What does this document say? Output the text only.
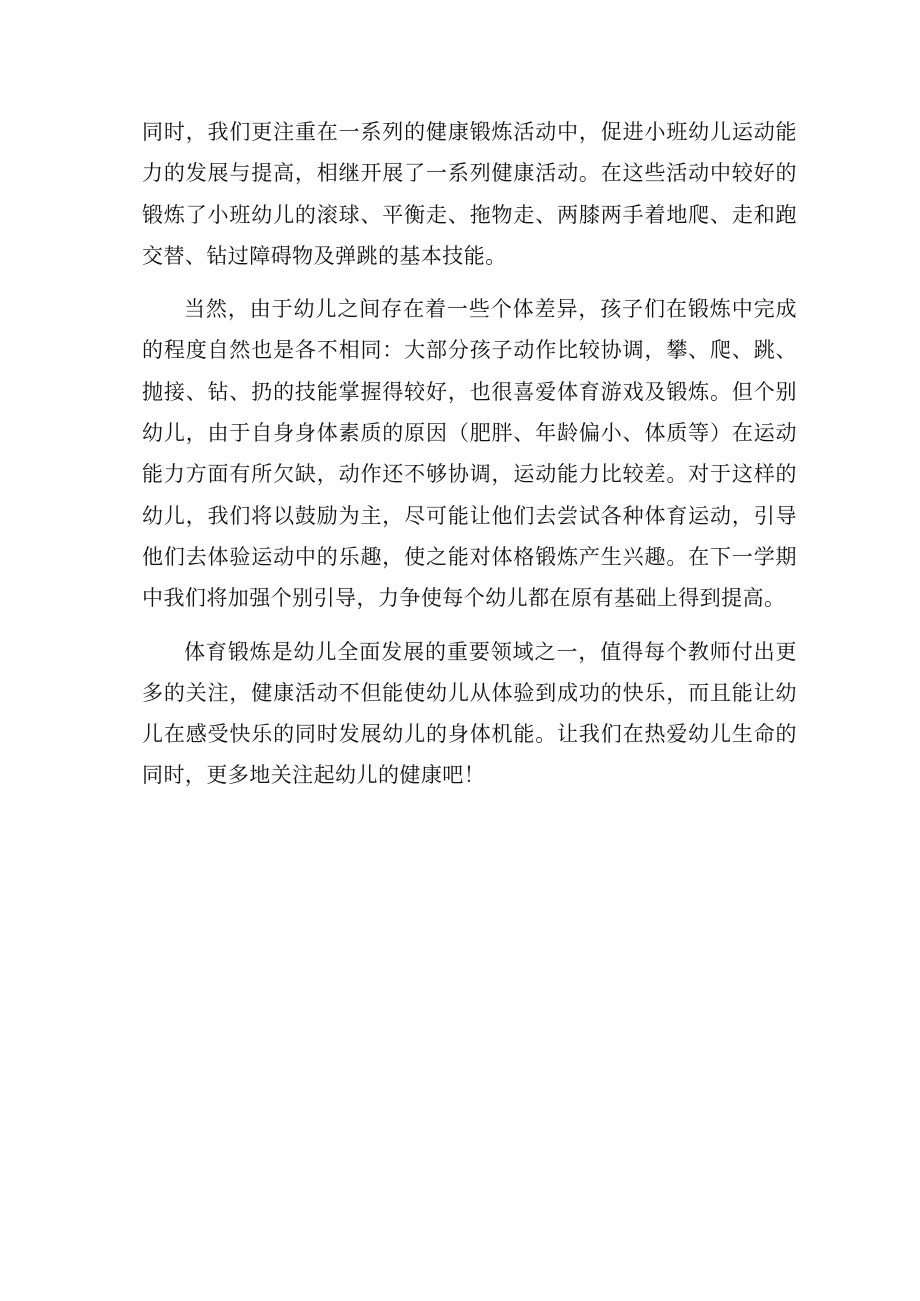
同时，我们更注重在一系列的健康锻炼活动中，促进小班幼儿运动能力的发展与提高，相继开展了一系列健康活动。在这些活动中较好的锻炼了小班幼儿的滚球、平衡走、拖物走、两膝两手着地爬、走和跑交替、钻过障碍物及弹跳的基本技能。

当然，由于幼儿之间存在着一些个体差异，孩子们在锻炼中完成的程度自然也是各不相同：大部分孩子动作比较协调，攀、爬、跳、抛接、钻、扔的技能掌握得较好，也很喜爱体育游戏及锻炼。但个别幼儿，由于自身身体素质的原因（肥胖、年龄偏小、体质等）在运动能力方面有所欠缺，动作还不够协调，运动能力比较差。对于这样的幼儿，我们将以鼓励为主，尽可能让他们去尝试各种体育运动，引导他们去体验运动中的乐趣，使之能对体格锻炼产生兴趣。在下一学期中我们将加强个别引导，力争使每个幼儿都在原有基础上得到提高。

体育锻炼是幼儿全面发展的重要领域之一，值得每个教师付出更多的关注，健康活动不但能使幼儿从体验到成功的快乐，而且能让幼儿在感受快乐的同时发展幼儿的身体机能。让我们在热爱幼儿生命的同时，更多地关注起幼儿的健康吧！
